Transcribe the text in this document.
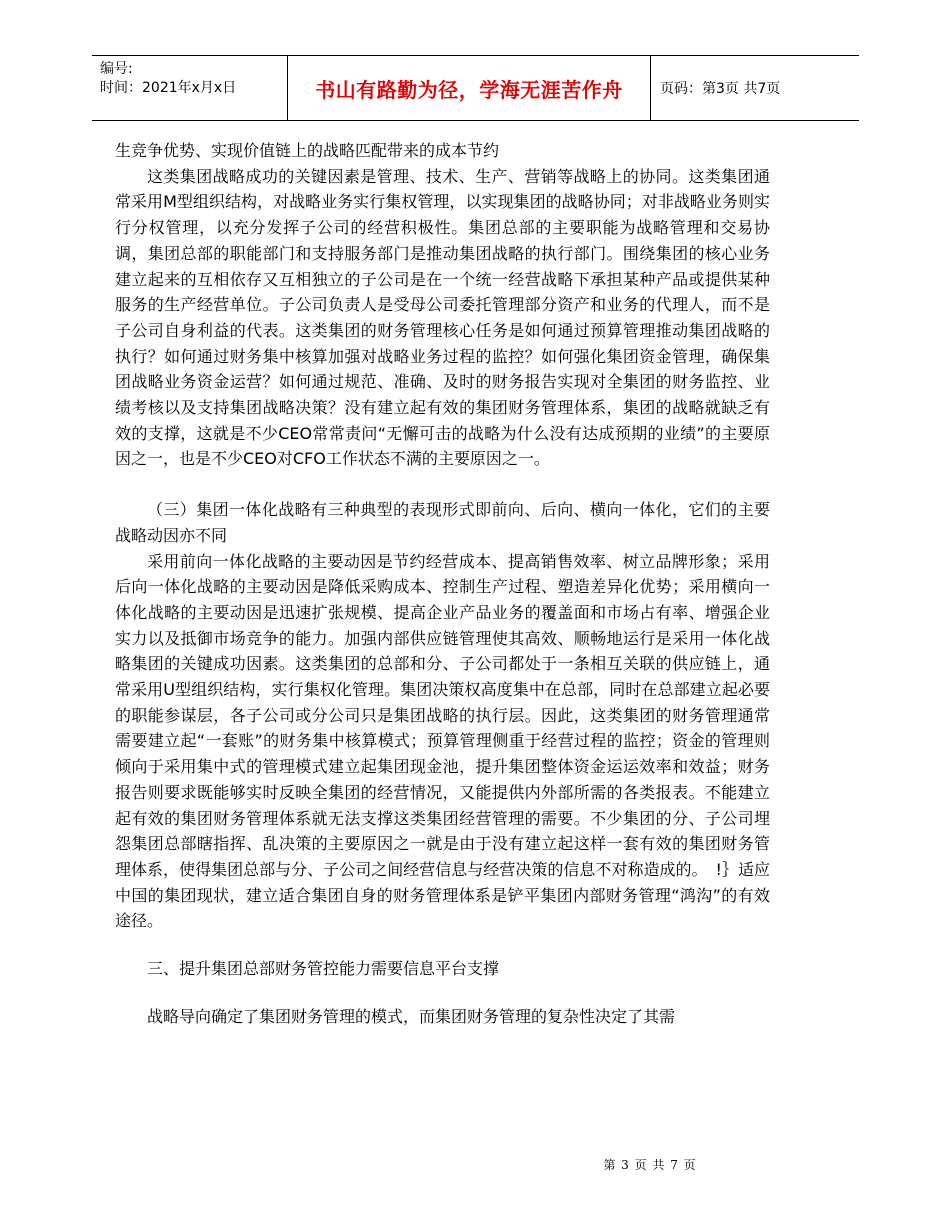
编号:
时间：2021年x月x日	书山有路勤为径，学海无涯苦作舟	页码：第3页 共7页

生竞争优势、实现价值链上的战略匹配带来的成本节约

这类集团战略成功的关键因素是管理、技术、生产、营销等战略上的协同。这类集团通常采用M型组织结构，对战略业务实行集权管理，以实现集团的战略协同；对非战略业务则实行分权管理，以充分发挥子公司的经营积极性。集团总部的主要职能为战略管理和交易协调，集团总部的职能部门和支持服务部门是推动集团战略的执行部门。围绕集团的核心业务建立起来的互相依存又互相独立的子公司是在一个统一经营战略下承担某种产品或提供某种服务的生产经营单位。子公司负责人是受母公司委托管理部分资产和业务的代理人，而不是子公司自身利益的代表。这类集团的财务管理核心任务是如何通过预算管理推动集团战略的执行？如何通过财务集中核算加强对战略业务过程的监控？如何强化集团资金管理，确保集团战略业务资金运营？如何通过规范、准确、及时的财务报告实现对全集团的财务监控、业绩考核以及支持集团战略决策？没有建立起有效的集团财务管理体系，集团的战略就缺乏有效的支撑，这就是不少CEO常常责问“无懈可击的战略为什么没有达成预期的业绩”的主要原因之一，也是不少CEO对CFO工作状态不满的主要原因之一。

（三）集团一体化战略有三种典型的表现形式即前向、后向、横向一体化，它们的主要战略动因亦不同

采用前向一体化战略的主要动因是节约经营成本、提高销售效率、树立品牌形象；采用后向一体化战略的主要动因是降低采购成本、控制生产过程、塑造差异化优势；采用横向一体化战略的主要动因是迅速扩张规模、提高企业产品业务的覆盖面和市场占有率、增强企业实力以及抵御市场竞争的能力。加强内部供应链管理使其高效、顺畅地运行是采用一体化战略集团的关键成功因素。这类集团的总部和分、子公司都处于一条相互关联的供应链上，通常采用U型组织结构，实行集权化管理。集团决策权高度集中在总部，同时在总部建立起必要的职能参谋层，各子公司或分公司只是集团战略的执行层。因此，这类集团的财务管理通常需要建立起“一套账”的财务集中核算模式；预算管理侧重于经营过程的监控；资金的管理则倾向于采用集中式的管理模式建立起集团现金池，提升集团整体资金运运效率和效益；财务报告则要求既能够实时反映全集团的经营情况，又能提供内外部所需的各类报表。不能建立起有效的集团财务管理体系就无法支撑这类集团经营管理的需要。不少集团的分、子公司埋怨集团总部瞎指挥、乱决策的主要原因之一就是由于没有建立起这样一套有效的集团财务管理体系，使得集团总部与分、子公司之间经营信息与经营决策的信息不对称造成的。　!｝适应中国的集团现状，建立适合集团自身的财务管理体系是铲平集团内部财务管理“鸿沟”的有效途径。

三、提升集团总部财务管控能力需要信息平台支撑

战略导向确定了集团财务管理的模式，而集团财务管理的复杂性决定了其需

第 3 页 共 7 页
